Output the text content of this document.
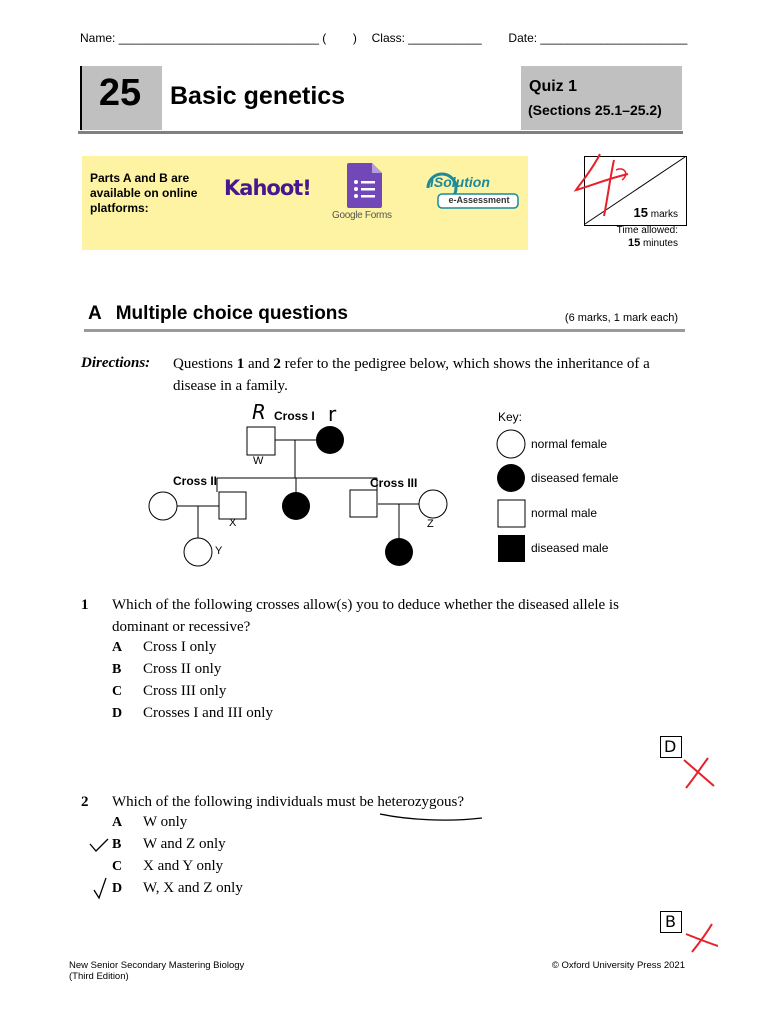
Name: ______________________________ (        ) Class: ___________ Date: ______________________
25	Basic genetics	Quiz 1
(Sections 25.1–25.2)
Parts A and B are available on online platforms:
Kahoot!
Google Forms
iSolution
e-Assessment
15 marks
Time allowed:
15 minutes
A Multiple choice questions	(6 marks, 1 mark each)
Directions: Questions 1 and 2 refer to the pedigree below, which shows the inheritance of a
disease in a family.
Cross I
Cross II	Cross III
W
X
Y
Z
R	r	Key:
normal female
diseased female
normal male
diseased male
1 Which of the following crosses allow(s) you to deduce whether the diseased allele is
dominant or recessive?
A Cross I only
B Cross II only
C Cross III only
D Crosses I and III only
D
2 Which of the following individuals must be heterozygous?
A W only
B W and Z only
C X and Y only
D W, X and Z only
B
New Senior Secondary Mastering Biology
(Third Edition)
© Oxford University Press 2021
